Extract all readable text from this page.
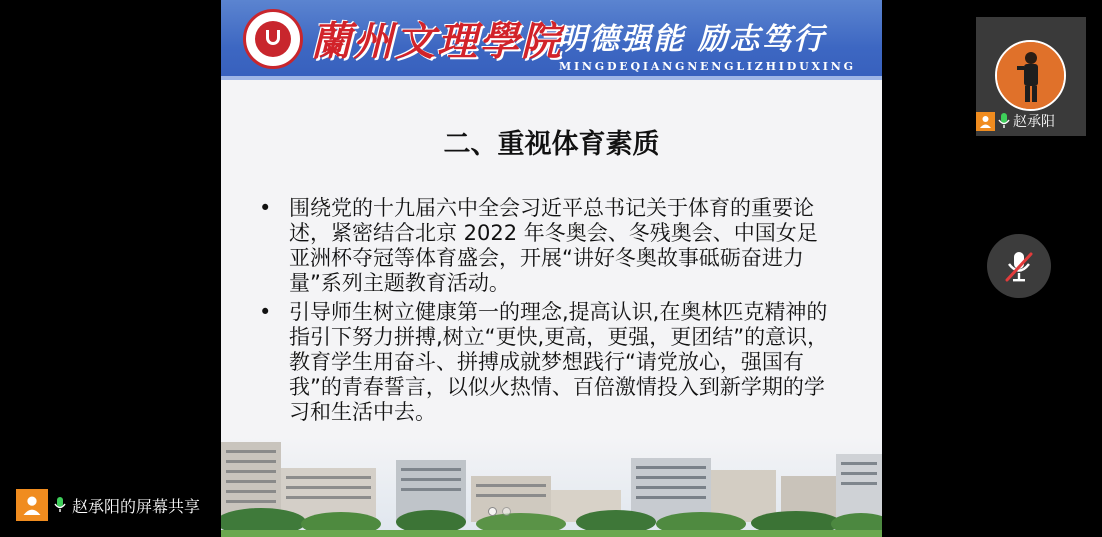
蘭州文理學院
明德强能 励志笃行
MINGDEQIANGNENGLIZHIDUXING
二、重视体育素质
• 围绕党的十九届六中全会习近平总书记关于体育的重要论述，紧密结合北京 2022 年冬奥会、冬残奥会、中国女足亚洲杯夺冠等体育盛会，开展“讲好冬奥故事砥砺奋进力量”系列主题教育活动。
• 引导师生树立健康第一的理念,提高认识,在奥林匹克精神的指引下努力拼搏,树立“更快,更高，更强，更团结”的意识，教育学生用奋斗、拼搏成就梦想践行“请党放心，强国有我”的青春誓言，以似火热情、百倍激情投入到新学期的学习和生活中去。
赵承阳
赵承阳的屏幕共享
